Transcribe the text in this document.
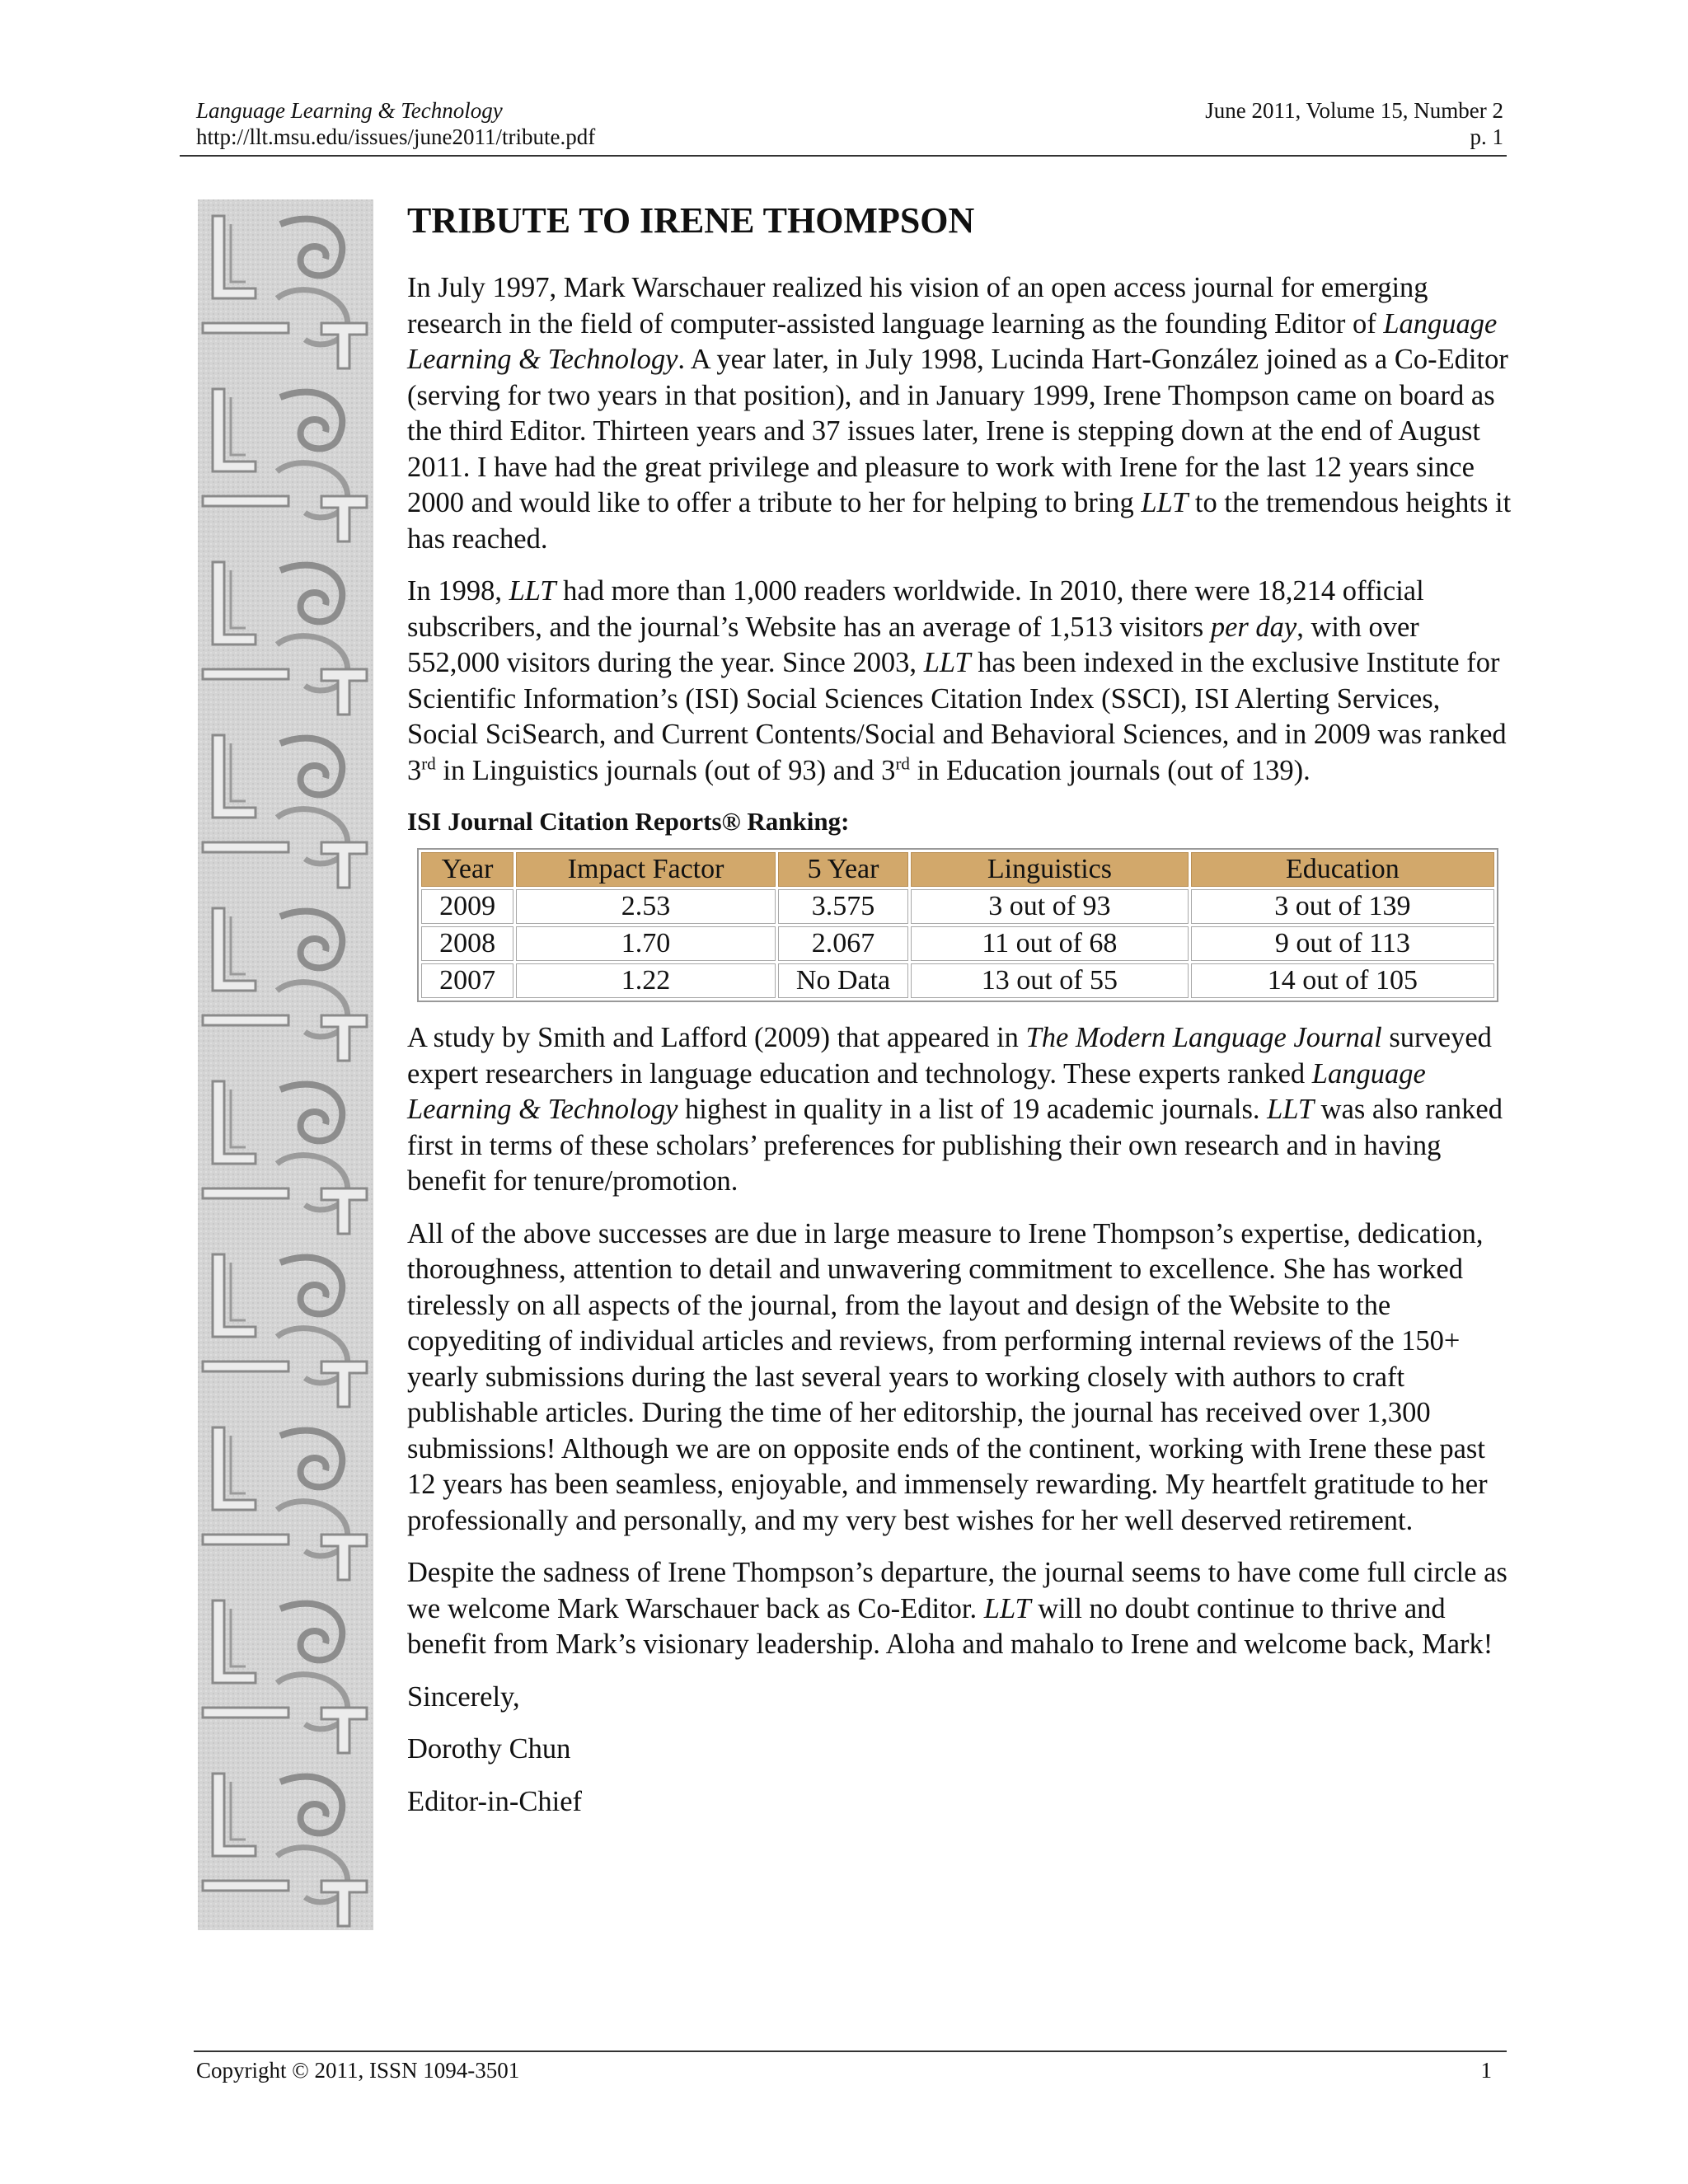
Language Learning & Technology	June 2011, Volume 15, Number 2
http://llt.msu.edu/issues/june2011/tribute.pdf	p. 1
TRIBUTE TO IRENE THOMPSON

In July 1997, Mark Warschauer realized his vision of an open access journal for emerging research in the field of computer-assisted language learning as the founding Editor of Language Learning & Technology. A year later, in July 1998, Lucinda Hart-González joined as a Co-Editor (serving for two years in that position), and in January 1999, Irene Thompson came on board as the third Editor. Thirteen years and 37 issues later, Irene is stepping down at the end of August 2011. I have had the great privilege and pleasure to work with Irene for the last 12 years since 2000 and would like to offer a tribute to her for helping to bring LLT to the tremendous heights it has reached.

In 1998, LLT had more than 1,000 readers worldwide. In 2010, there were 18,214 official subscribers, and the journal’s Website has an average of 1,513 visitors per day, with over 552,000 visitors during the year. Since 2003, LLT has been indexed in the exclusive Institute for Scientific Information’s (ISI) Social Sciences Citation Index (SSCI), ISI Alerting Services, Social SciSearch, and Current Contents/Social and Behavioral Sciences, and in 2009 was ranked 3rd in Linguistics journals (out of 93) and 3rd in Education journals (out of 139).

ISI Journal Citation Reports® Ranking:
Year	Impact Factor	5 Year	Linguistics	Education
2009	2.53	3.575	3 out of 93	3 out of 139
2008	1.70	2.067	11 out of 68	9 out of 113
2007	1.22	No Data	13 out of 55	14 out of 105

A study by Smith and Lafford (2009) that appeared in The Modern Language Journal surveyed expert researchers in language education and technology. These experts ranked Language Learning & Technology highest in quality in a list of 19 academic journals. LLT was also ranked first in terms of these scholars’ preferences for publishing their own research and in having benefit for tenure/promotion.

All of the above successes are due in large measure to Irene Thompson’s expertise, dedication, thoroughness, attention to detail and unwavering commitment to excellence. She has worked tirelessly on all aspects of the journal, from the layout and design of the Website to the copyediting of individual articles and reviews, from performing internal reviews of the 150+ yearly submissions during the last several years to working closely with authors to craft publishable articles. During the time of her editorship, the journal has received over 1,300 submissions! Although we are on opposite ends of the continent, working with Irene these past 12 years has been seamless, enjoyable, and immensely rewarding. My heartfelt gratitude to her professionally and personally, and my very best wishes for her well deserved retirement.

Despite the sadness of Irene Thompson’s departure, the journal seems to have come full circle as we welcome Mark Warschauer back as Co-Editor. LLT will no doubt continue to thrive and benefit from Mark’s visionary leadership. Aloha and mahalo to Irene and welcome back, Mark!

Sincerely,

Dorothy Chun

Editor-in-Chief

Copyright © 2011, ISSN 1094-3501	1
